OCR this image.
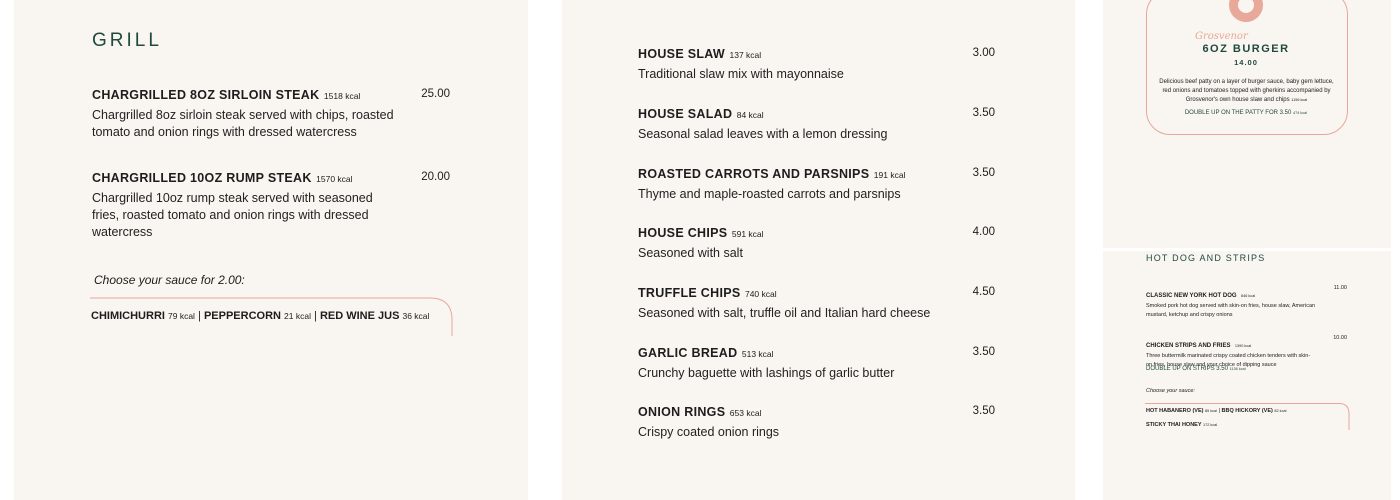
GRILL
CHARGRILLED 8OZ SIRLOIN STEAK 1518 kcal
Chargrilled 8oz sirloin steak served with chips, roasted tomato and onion rings with dressed watercress
25.00
CHARGRILLED 10OZ RUMP STEAK 1570 kcal
Chargrilled 10oz rump steak served with seasoned fries, roasted tomato and onion rings with dressed watercress
20.00
Choose your sauce for 2.00:
CHIMICHURRI 79 kcal | PEPPERCORN 21 kcal | RED WINE JUS 36 kcal
HOUSE SLAW 137 kcal
Traditional slaw mix with mayonnaise
3.00
HOUSE SALAD 84 kcal
Seasonal salad leaves with a lemon dressing
3.50
ROASTED CARROTS AND PARSNIPS 191 kcal
Thyme and maple-roasted carrots and parsnips
3.50
HOUSE CHIPS 591 kcal
Seasoned with salt
4.00
TRUFFLE CHIPS 740 kcal
Seasoned with salt, truffle oil and Italian hard cheese
4.50
GARLIC BREAD 513 kcal
Crunchy baguette with lashings of garlic butter
3.50
ONION RINGS 653 kcal
Crispy coated onion rings
3.50
Grosvenor
6OZ BURGER
14.00
Delicious beef patty on a layer of burger sauce, baby gem lettuce, red onions and tomatoes topped with gherkins accompanied by Grosvenor's own house slaw and chips 1156 kcal
DOUBLE UP ON THE PATTY FOR 3.50 474 kcal
HOT DOG AND STRIPS
CLASSIC NEW YORK HOT DOG 846 kcal
Smoked pork hot dog served with skin-on fries, house slaw, American mustard, ketchup and crispy onions
11.00
CHICKEN STRIPS AND FRIES 1390 kcal
Three buttermilk marinated crispy coated chicken tenders with skin-on fries, house slaw and your choice of dipping sauce
10.00
DOUBLE UP ON STRIPS 3.50 1136 kcal
Choose your sauce:
HOT HABANERO (VE) 85 kcal | BBQ HICKORY (VE) 82 kcal
STICKY THAI HONEY 172 kcal
